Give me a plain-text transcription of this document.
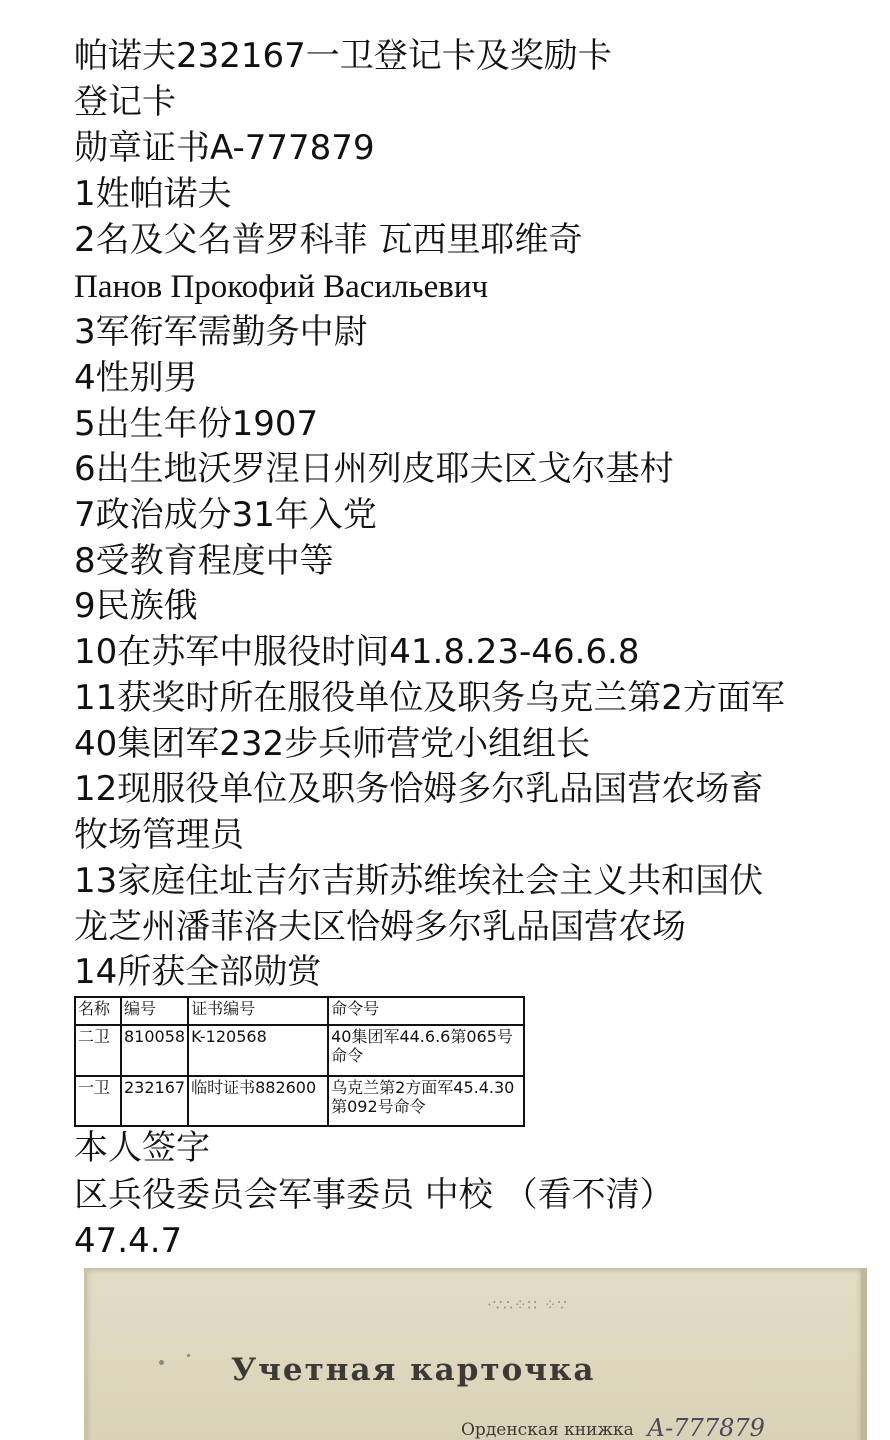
帕诺夫232167一卫登记卡及奖励卡
登记卡
勋章证书A-777879
1姓帕诺夫
2名及父名普罗科菲 瓦西里耶维奇
Панов Прокофий Васильевич
3军衔军需勤务中尉
4性别男
5出生年份1907
6出生地沃罗涅日州列皮耶夫区戈尔基村
7政治成分31年入党
8受教育程度中等
9民族俄
10在苏军中服役时间41.8.23-46.6.8
11获奖时所在服役单位及职务乌克兰第2方面军
40集团军232步兵师营党小组组长
12现服役单位及职务恰姆多尔乳品国营农场畜
牧场管理员
13家庭住址吉尔吉斯苏维埃社会主义共和国伏
龙芝州潘菲洛夫区恰姆多尔乳品国营农场
14所获全部勋赏
名称	编号	证书编号	命令号
二卫	810058	K-120568	40集团军44.6.6第065号命令
一卫	232167	临时证书882600	乌克兰第2方面军45.4.30第092号命令
本人签字
区兵役委员会军事委员 中校 （看不清）
47.4.7
·∵∴⁘∷ ⁘∵
Учетная карточка
Орденская книжка А-777879
